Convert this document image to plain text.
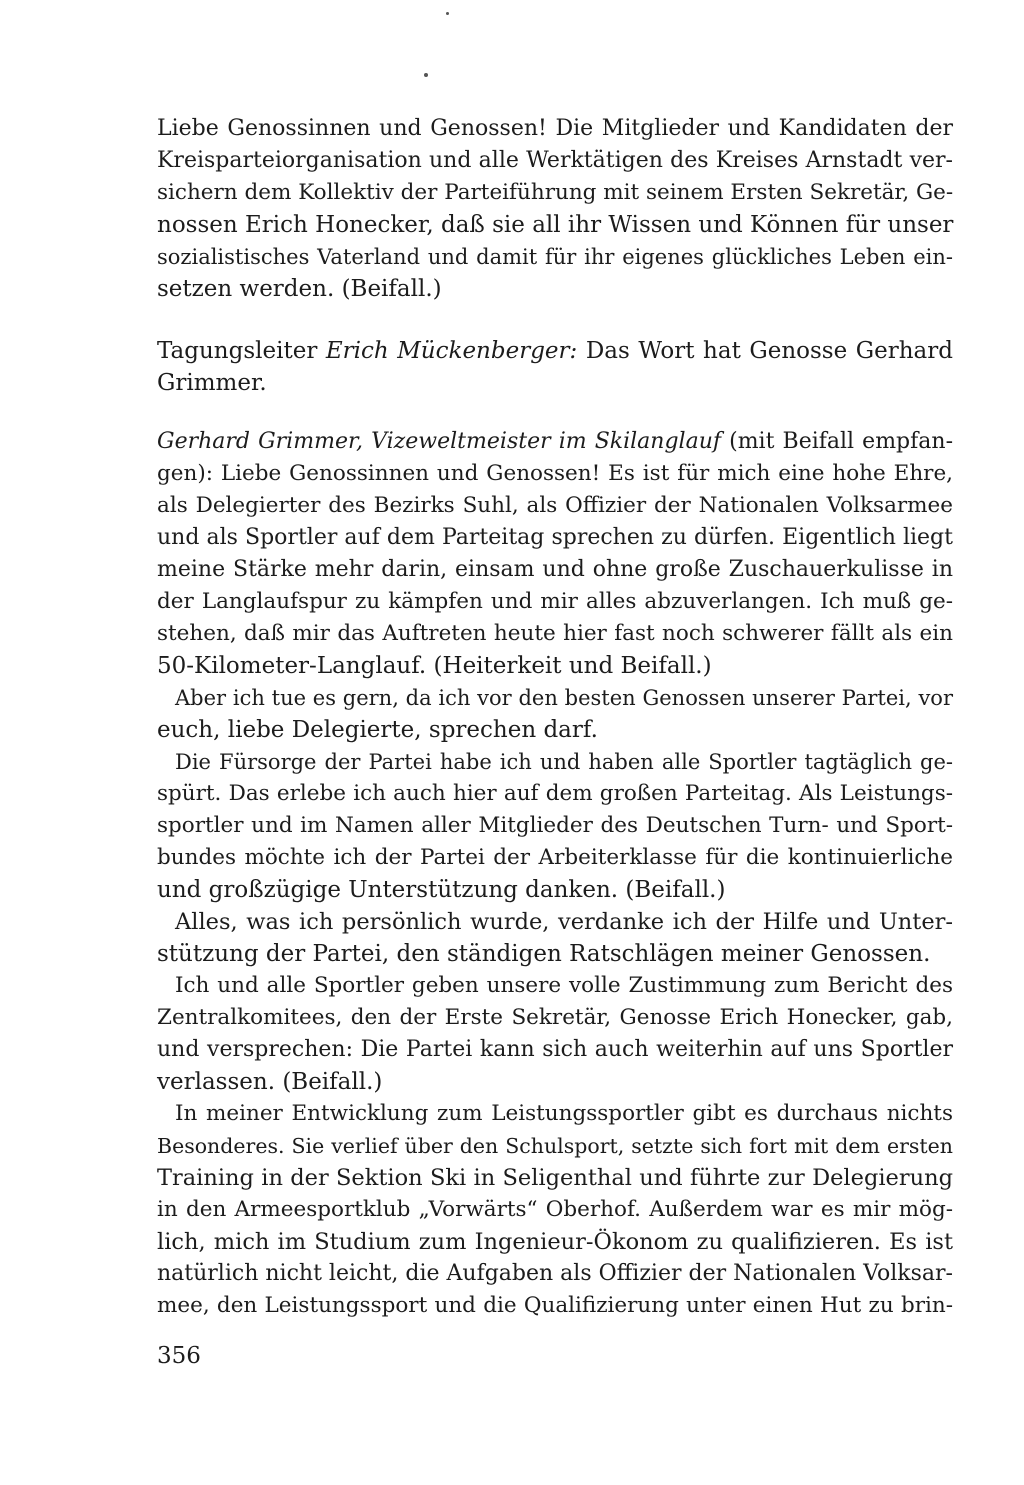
Liebe Genossinnen und Genossen! Die Mitglieder und Kandidaten der
Kreisparteiorganisation und alle Werktätigen des Kreises Arnstadt ver-
sichern dem Kollektiv der Parteiführung mit seinem Ersten Sekretär, Ge-
nossen Erich Honecker, daß sie all ihr Wissen und Können für unser
sozialistisches Vaterland und damit für ihr eigenes glückliches Leben ein-
setzen werden. (Beifall.)
Tagungsleiter Erich Mückenberger: Das Wort hat Genosse Gerhard
Grimmer.
Gerhard Grimmer, Vizeweltmeister im Skilanglauf (mit Beifall empfan-
gen): Liebe Genossinnen und Genossen! Es ist für mich eine hohe Ehre,
als Delegierter des Bezirks Suhl, als Offizier der Nationalen Volksarmee
und als Sportler auf dem Parteitag sprechen zu dürfen. Eigentlich liegt
meine Stärke mehr darin, einsam und ohne große Zuschauerkulisse in
der Langlaufspur zu kämpfen und mir alles abzuverlangen. Ich muß ge-
stehen, daß mir das Auftreten heute hier fast noch schwerer fällt als ein
50-Kilometer-Langlauf. (Heiterkeit und Beifall.)
Aber ich tue es gern, da ich vor den besten Genossen unserer Partei, vor
euch, liebe Delegierte, sprechen darf.
Die Fürsorge der Partei habe ich und haben alle Sportler tagtäglich ge-
spürt. Das erlebe ich auch hier auf dem großen Parteitag. Als Leistungs-
sportler und im Namen aller Mitglieder des Deutschen Turn- und Sport-
bundes möchte ich der Partei der Arbeiterklasse für die kontinuierliche
und großzügige Unterstützung danken. (Beifall.)
Alles, was ich persönlich wurde, verdanke ich der Hilfe und Unter-
stützung der Partei, den ständigen Ratschlägen meiner Genossen.
Ich und alle Sportler geben unsere volle Zustimmung zum Bericht des
Zentralkomitees, den der Erste Sekretär, Genosse Erich Honecker, gab,
und versprechen: Die Partei kann sich auch weiterhin auf uns Sportler
verlassen. (Beifall.)
In meiner Entwicklung zum Leistungssportler gibt es durchaus nichts
Besonderes. Sie verlief über den Schulsport, setzte sich fort mit dem ersten
Training in der Sektion Ski in Seligenthal und führte zur Delegierung
in den Armeesportklub „Vorwärts“ Oberhof. Außerdem war es mir mög-
lich, mich im Studium zum Ingenieur-Ökonom zu qualifizieren. Es ist
natürlich nicht leicht, die Aufgaben als Offizier der Nationalen Volksar-
mee, den Leistungssport und die Qualifizierung unter einen Hut zu brin-
356
